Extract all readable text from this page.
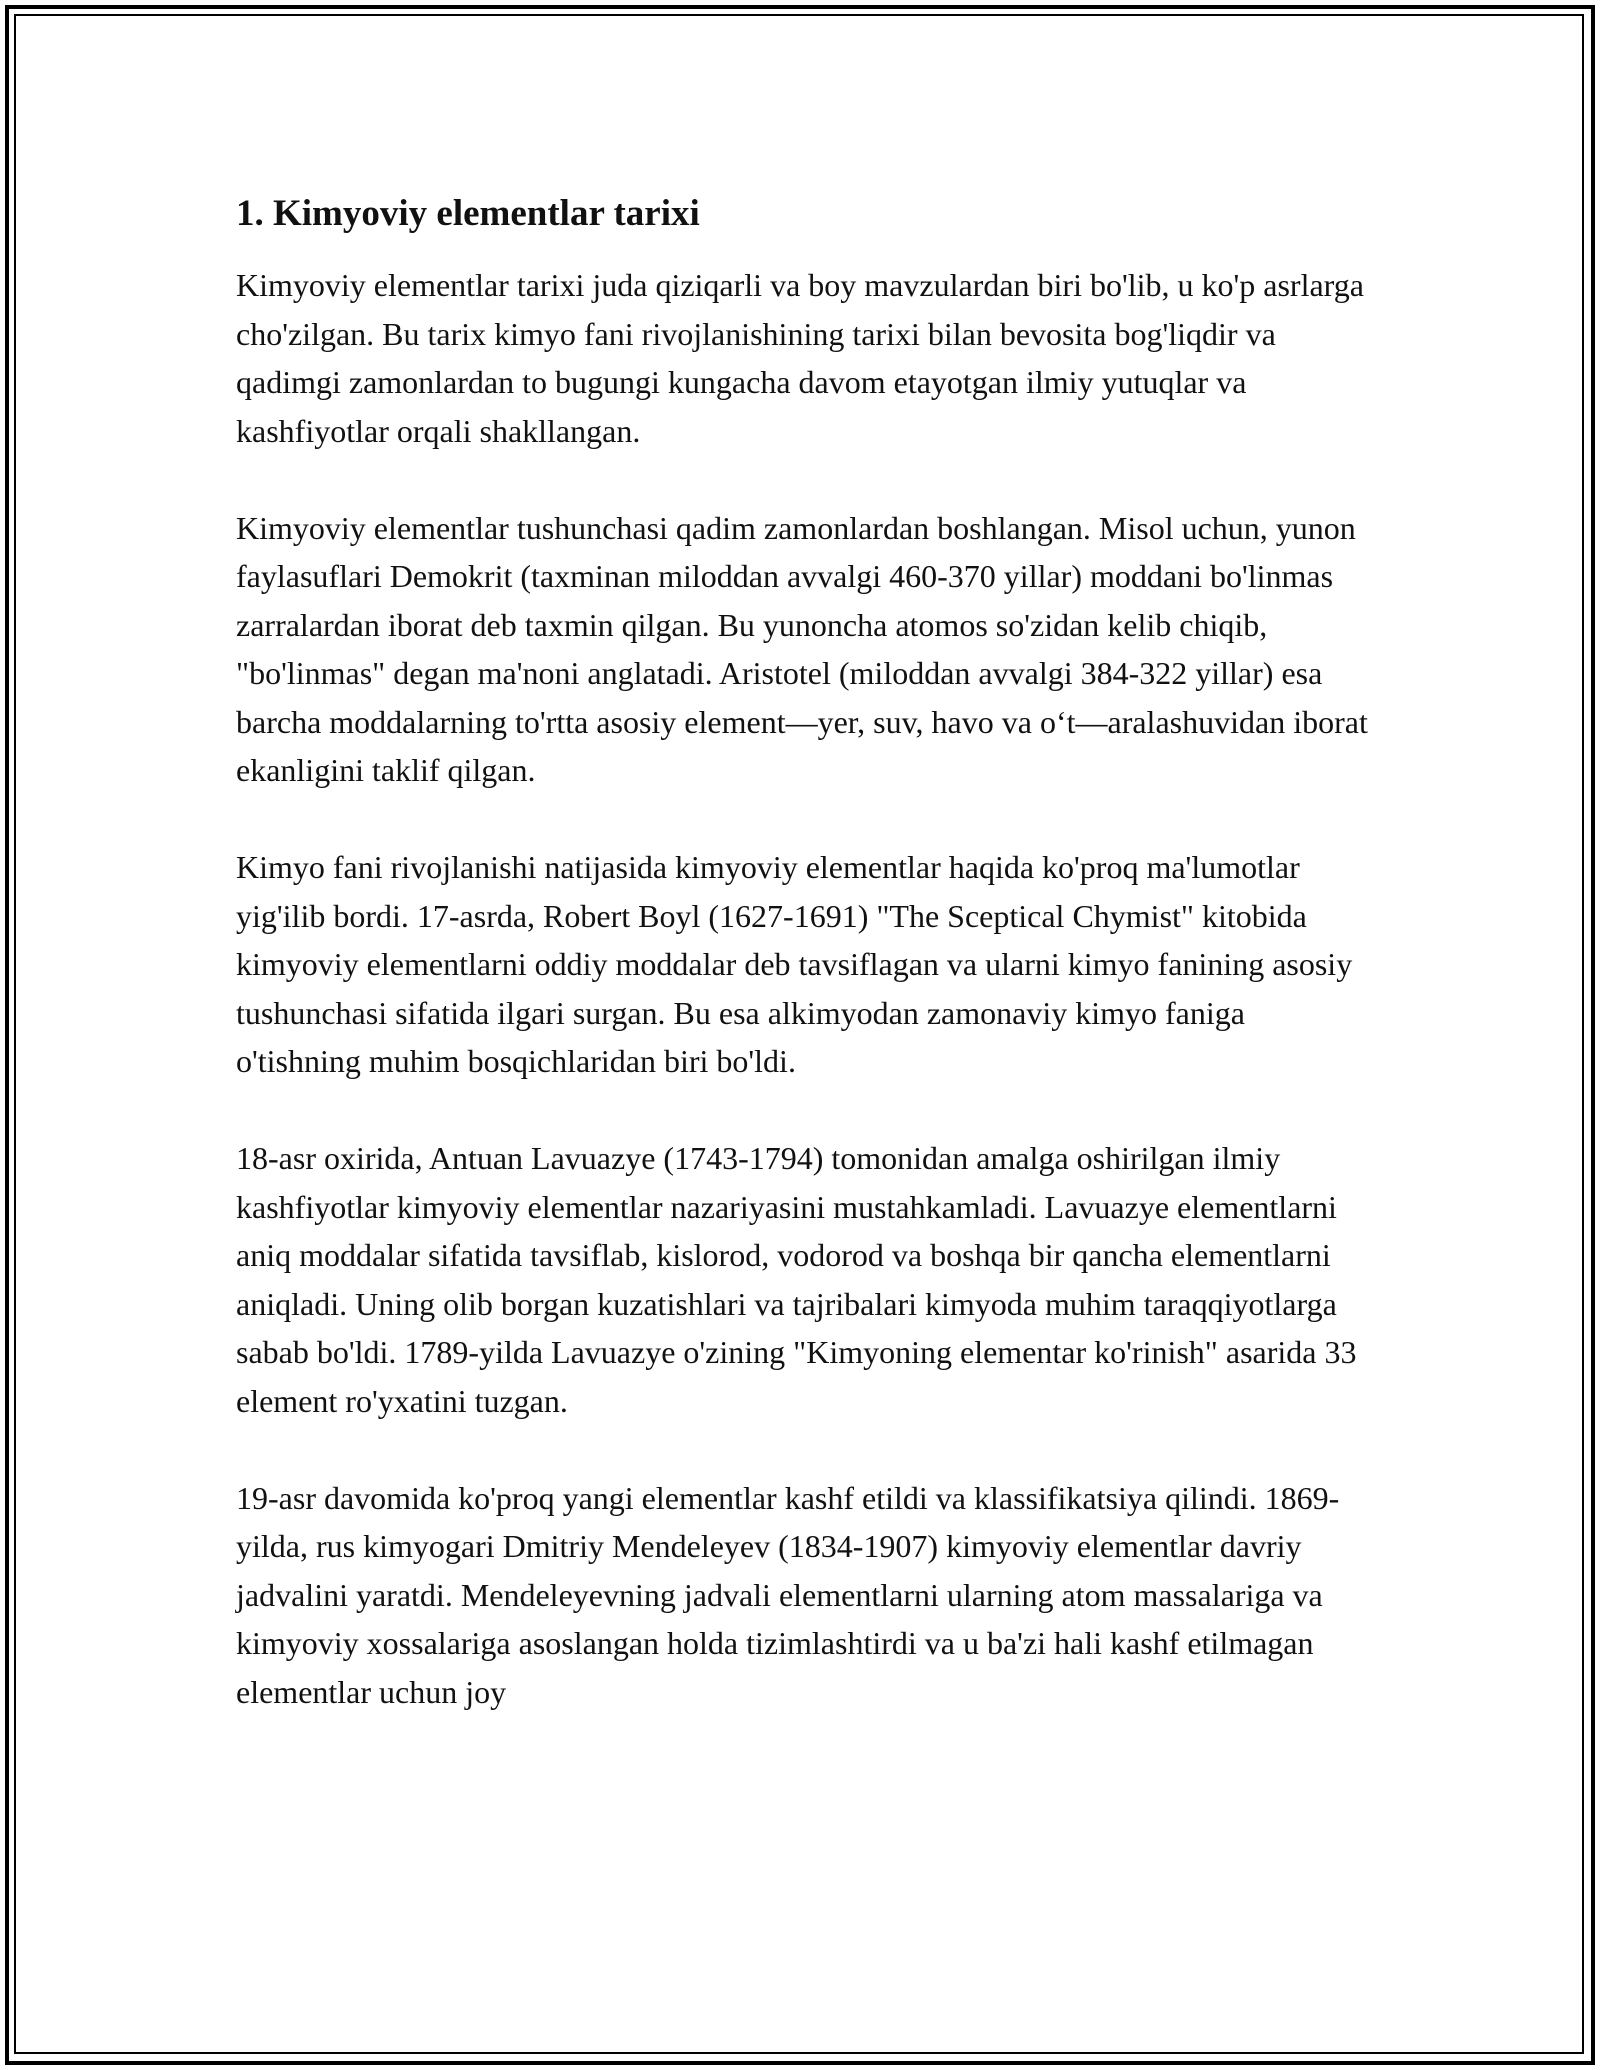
1. Kimyoviy elementlar tarixi

Kimyoviy elementlar tarixi juda qiziqarli va boy mavzulardan biri bo'lib, u ko'p asrlarga cho'zilgan. Bu tarix kimyo fani rivojlanishining tarixi bilan bevosita bog'liqdir va qadimgi zamonlardan to bugungi kungacha davom etayotgan ilmiy yutuqlar va kashfiyotlar orqali shakllangan.

Kimyoviy elementlar tushunchasi qadim zamonlardan boshlangan. Misol uchun, yunon faylasuflari Demokrit (taxminan miloddan avvalgi 460-370 yillar) moddani bo'linmas zarralardan iborat deb taxmin qilgan. Bu yunoncha atomos so'zidan kelib chiqib, "bo'linmas" degan ma'noni anglatadi. Aristotel (miloddan avvalgi 384-322 yillar) esa barcha moddalarning to'rtta asosiy element—yer, suv, havo va o‘t—aralashuvidan iborat ekanligini taklif qilgan.

Kimyo fani rivojlanishi natijasida kimyoviy elementlar haqida ko'proq ma'lumotlar yig'ilib bordi. 17-asrda, Robert Boyl (1627-1691) "The Sceptical Chymist" kitobida kimyoviy elementlarni oddiy moddalar deb tavsiflagan va ularni kimyo fanining asosiy tushunchasi sifatida ilgari surgan. Bu esa alkimyodan zamonaviy kimyo faniga o'tishning muhim bosqichlaridan biri bo'ldi.

18-asr oxirida, Antuan Lavuazye (1743-1794) tomonidan amalga oshirilgan ilmiy kashfiyotlar kimyoviy elementlar nazariyasini mustahkamladi. Lavuazye elementlarni aniq moddalar sifatida tavsiflab, kislorod, vodorod va boshqa bir qancha elementlarni aniqladi. Uning olib borgan kuzatishlari va tajribalari kimyoda muhim taraqqiyotlarga sabab bo'ldi. 1789-yilda Lavuazye o'zining "Kimyoning elementar ko'rinish" asarida 33 element ro'yxatini tuzgan.

19-asr davomida ko'proq yangi elementlar kashf etildi va klassifikatsiya qilindi. 1869-yilda, rus kimyogari Dmitriy Mendeleyev (1834-1907) kimyoviy elementlar davriy jadvalini yaratdi. Mendeleyevning jadvali elementlarni ularning atom massalariga va kimyoviy xossalariga asoslangan holda tizimlashtirdi va u ba'zi hali kashf etilmagan elementlar uchun joy
